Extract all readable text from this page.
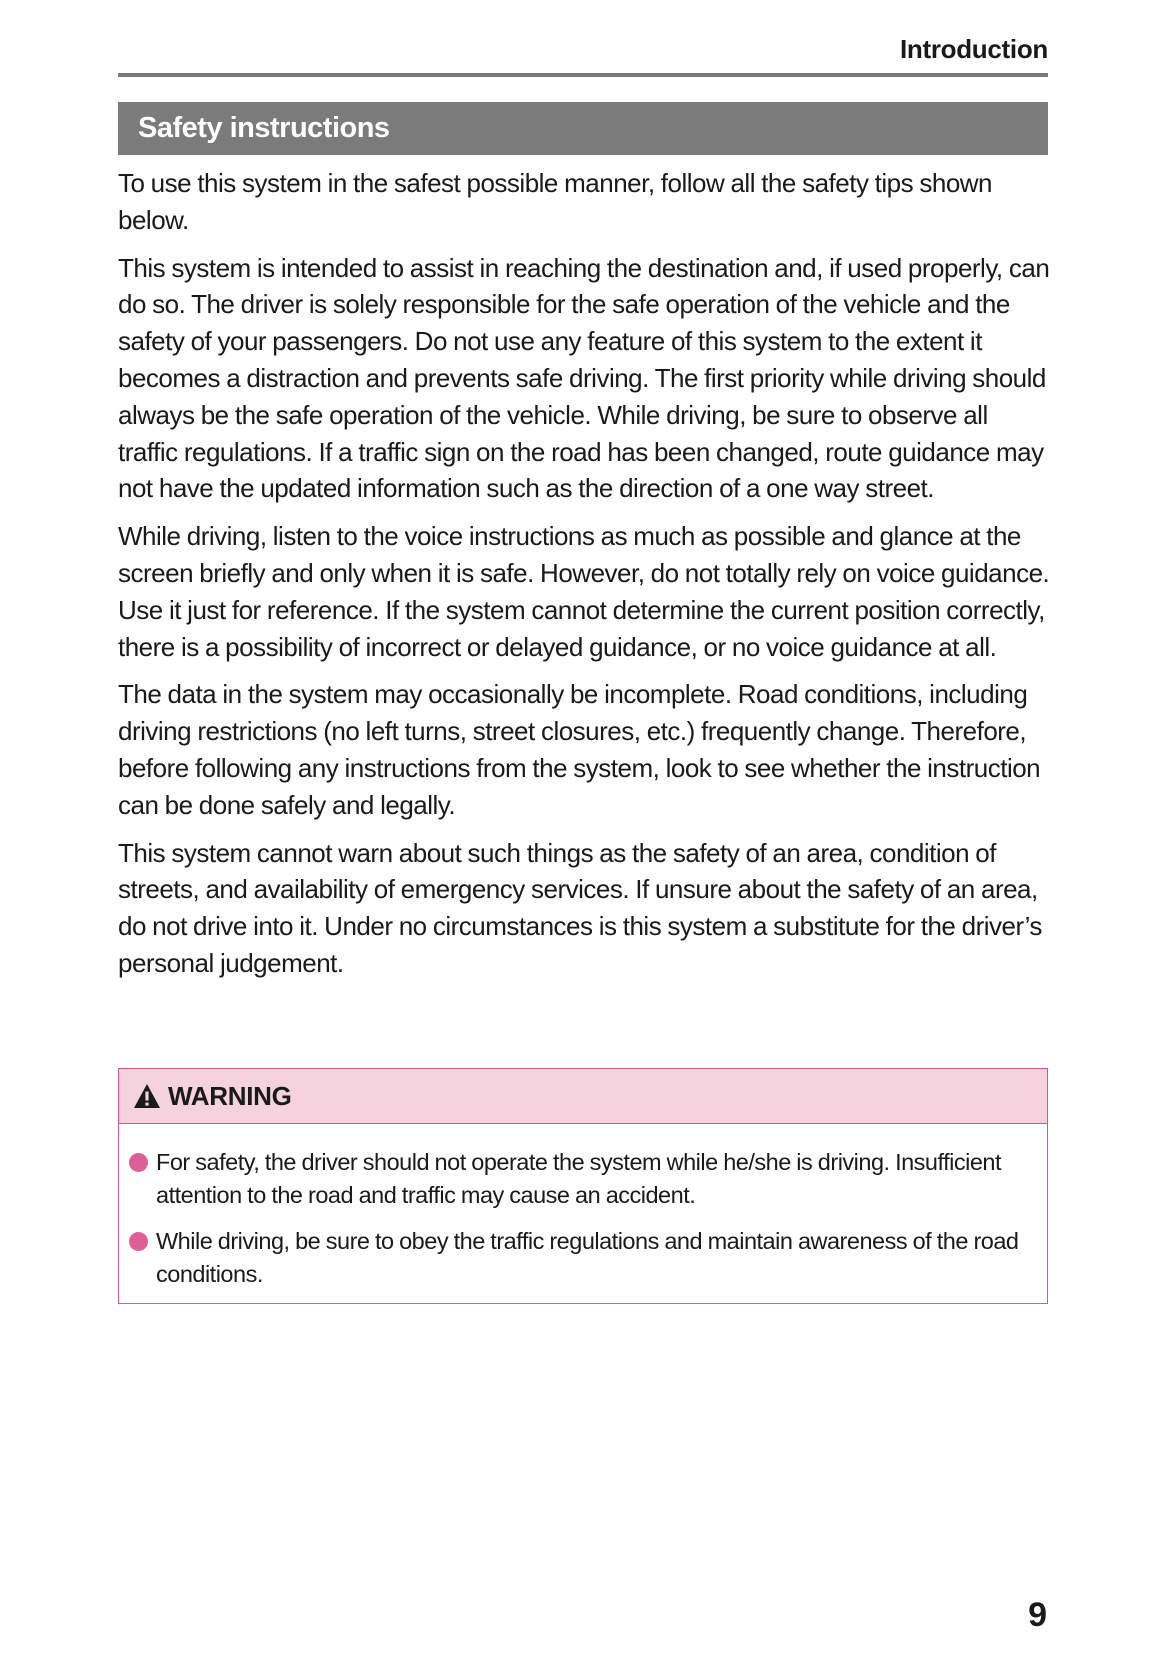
Introduction
Safety instructions

To use this system in the safest possible manner, follow all the safety tips shown below.

This system is intended to assist in reaching the destination and, if used properly, can do so. The driver is solely responsible for the safe operation of the vehicle and the safety of your passengers. Do not use any feature of this system to the extent it becomes a distraction and prevents safe driving. The first priority while driving should always be the safe operation of the vehicle. While driving, be sure to observe all traffic regulations. If a traffic sign on the road has been changed, route guidance may not have the updated information such as the direction of a one way street.

While driving, listen to the voice instructions as much as possible and glance at the screen briefly and only when it is safe. However, do not totally rely on voice guidance. Use it just for reference. If the system cannot determine the current position correctly, there is a possibility of incorrect or delayed guidance, or no voice guidance at all.

The data in the system may occasionally be incomplete. Road conditions, including driving restrictions (no left turns, street closures, etc.) frequently change. Therefore, before following any instructions from the system, look to see whether the instruction can be done safely and legally.

This system cannot warn about such things as the safety of an area, condition of streets, and availability of emergency services. If unsure about the safety of an area, do not drive into it. Under no circumstances is this system a substitute for the driver’s personal judgement.

WARNING
For safety, the driver should not operate the system while he/she is driving. Insufficient attention to the road and traffic may cause an accident.
While driving, be sure to obey the traffic regulations and maintain awareness of the road conditions.
9
